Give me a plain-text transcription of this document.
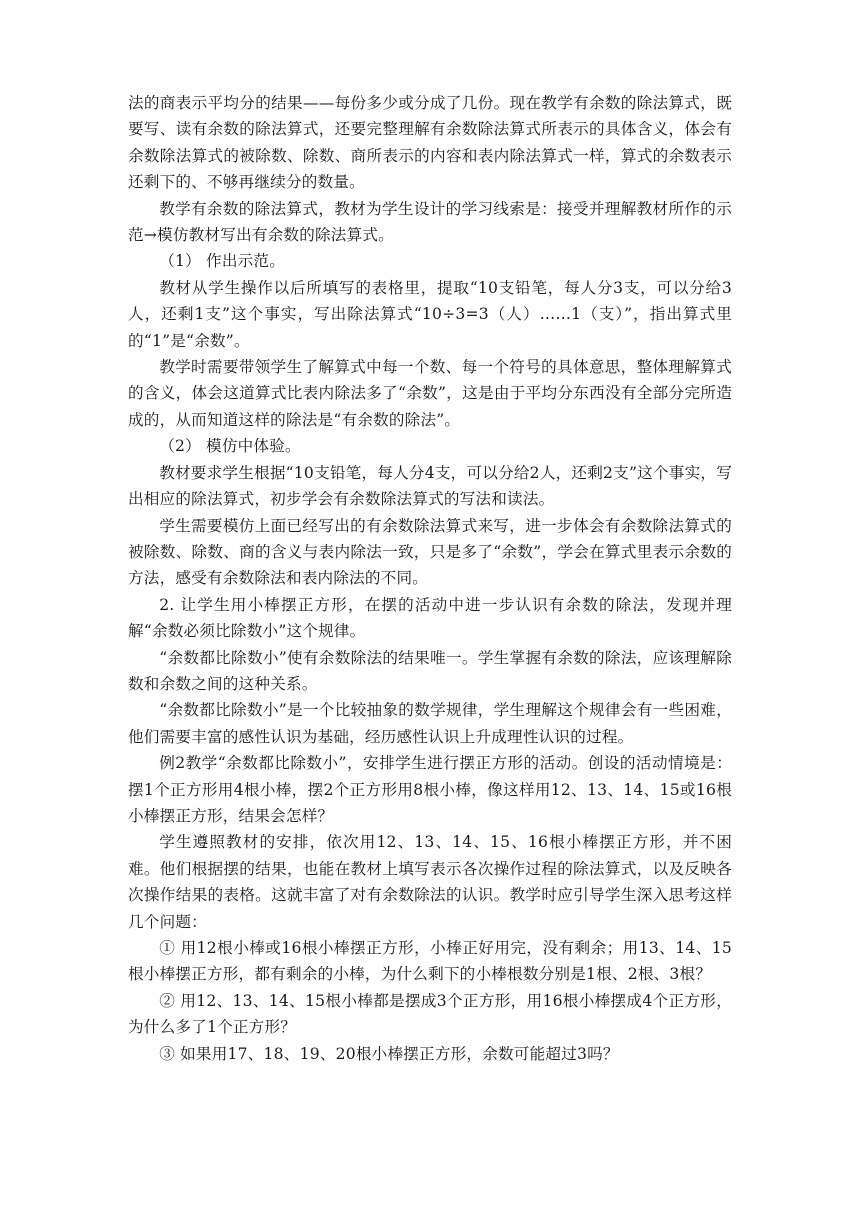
法的商表示平均分的结果——每份多少或分成了几份。现在教学有余数的除法算式，既要写、读有余数的除法算式，还要完整理解有余数除法算式所表示的具体含义，体会有余数除法算式的被除数、除数、商所表示的内容和表内除法算式一样，算式的余数表示还剩下的、不够再继续分的数量。

教学有余数的除法算式，教材为学生设计的学习线索是：接受并理解教材所作的示范→模仿教材写出有余数的除法算式。

（1） 作出示范。

教材从学生操作以后所填写的表格里，提取“10支铅笔，每人分3支，可以分给3人，还剩1支”这个事实，写出除法算式“10÷3=3（人）……1（支）”，指出算式里的“1”是“余数”。

教学时需要带领学生了解算式中每一个数、每一个符号的具体意思，整体理解算式的含义，体会这道算式比表内除法多了“余数”，这是由于平均分东西没有全部分完所造成的，从而知道这样的除法是“有余数的除法”。

（2） 模仿中体验。

教材要求学生根据“10支铅笔，每人分4支，可以分给2人，还剩2支”这个事实，写出相应的除法算式，初步学会有余数除法算式的写法和读法。

学生需要模仿上面已经写出的有余数除法算式来写，进一步体会有余数除法算式的被除数、除数、商的含义与表内除法一致，只是多了“余数”，学会在算式里表示余数的方法，感受有余数除法和表内除法的不同。

2. 让学生用小棒摆正方形，在摆的活动中进一步认识有余数的除法，发现并理解“余数必须比除数小”这个规律。

“余数都比除数小”使有余数除法的结果唯一。学生掌握有余数的除法，应该理解除数和余数之间的这种关系。

“余数都比除数小”是一个比较抽象的数学规律，学生理解这个规律会有一些困难，他们需要丰富的感性认识为基础，经历感性认识上升成理性认识的过程。

例2教学“余数都比除数小”，安排学生进行摆正方形的活动。创设的活动情境是：摆1个正方形用4根小棒，摆2个正方形用8根小棒，像这样用12、13、14、15或16根小棒摆正方形，结果会怎样？

学生遵照教材的安排，依次用12、13、14、15、16根小棒摆正方形，并不困难。他们根据摆的结果，也能在教材上填写表示各次操作过程的除法算式，以及反映各次操作结果的表格。这就丰富了对有余数除法的认识。教学时应引导学生深入思考这样几个问题：

① 用12根小棒或16根小棒摆正方形，小棒正好用完，没有剩余；用13、14、15根小棒摆正方形，都有剩余的小棒，为什么剩下的小棒根数分别是1根、2根、3根？

② 用12、13、14、15根小棒都是摆成3个正方形，用16根小棒摆成4个正方形，为什么多了1个正方形？

③ 如果用17、18、19、20根小棒摆正方形，余数可能超过3吗？
